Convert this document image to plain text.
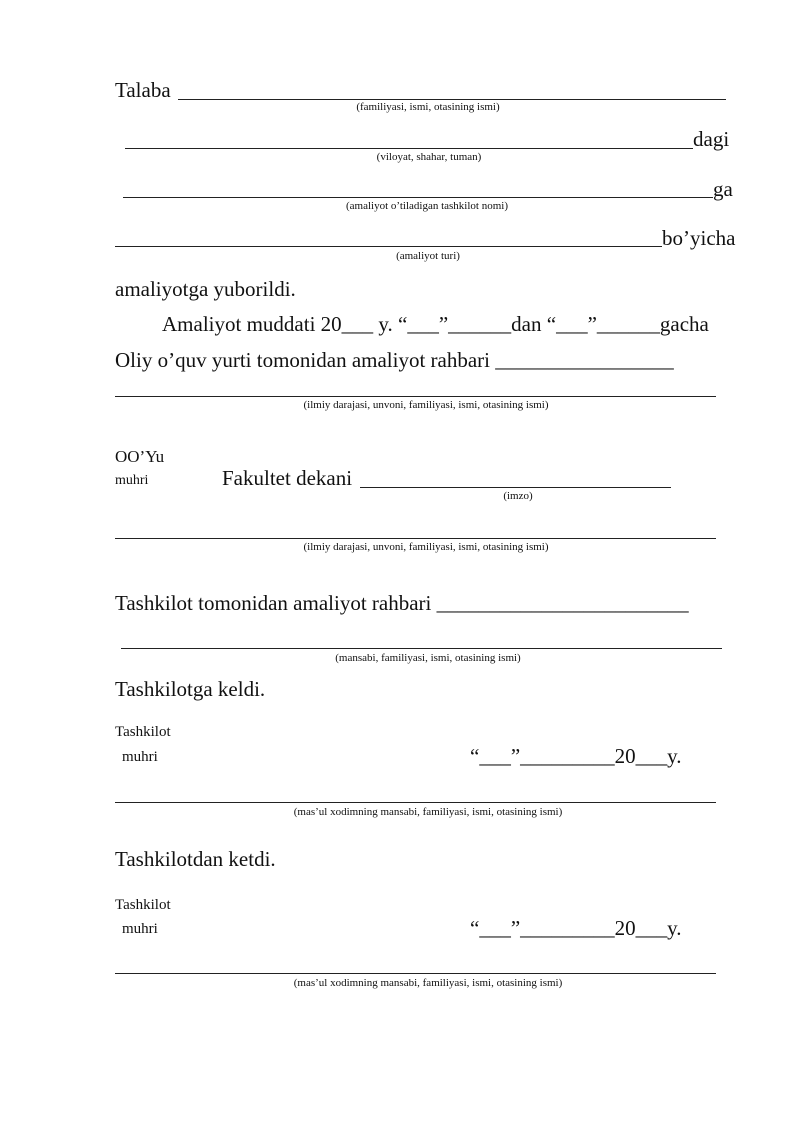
Talaba
(familiyasi, ismi, otasining ismi)
dagi
(viloyat, shahar, tuman)
ga
(amaliyot o’tiladigan tashkilot nomi)
bo’yicha
(amaliyot turi)
amaliyotga yuborildi.
Amaliyot muddati 20___ y. “___”______dan “___”______gacha
Oliy o’quv yurti tomonidan amaliyot rahbari _________________
(ilmiy darajasi, unvoni, familiyasi, ismi, otasining ismi)
OO’Yu
muhri	Fakultet dekani
(imzo)
(ilmiy darajasi, unvoni, familiyasi, ismi, otasining ismi)
Tashkilot tomonidan amaliyot rahbari ________________________
(mansabi, familiyasi, ismi, otasining ismi)
Tashkilotga keldi.
Tashkilot
muhri	“___”_________20___y.
(mas’ul xodimning mansabi, familiyasi, ismi, otasining ismi)
Tashkilotdan ketdi.
Tashkilot
muhri	“___”_________20___y.
(mas’ul xodimning mansabi, familiyasi, ismi, otasining ismi)
